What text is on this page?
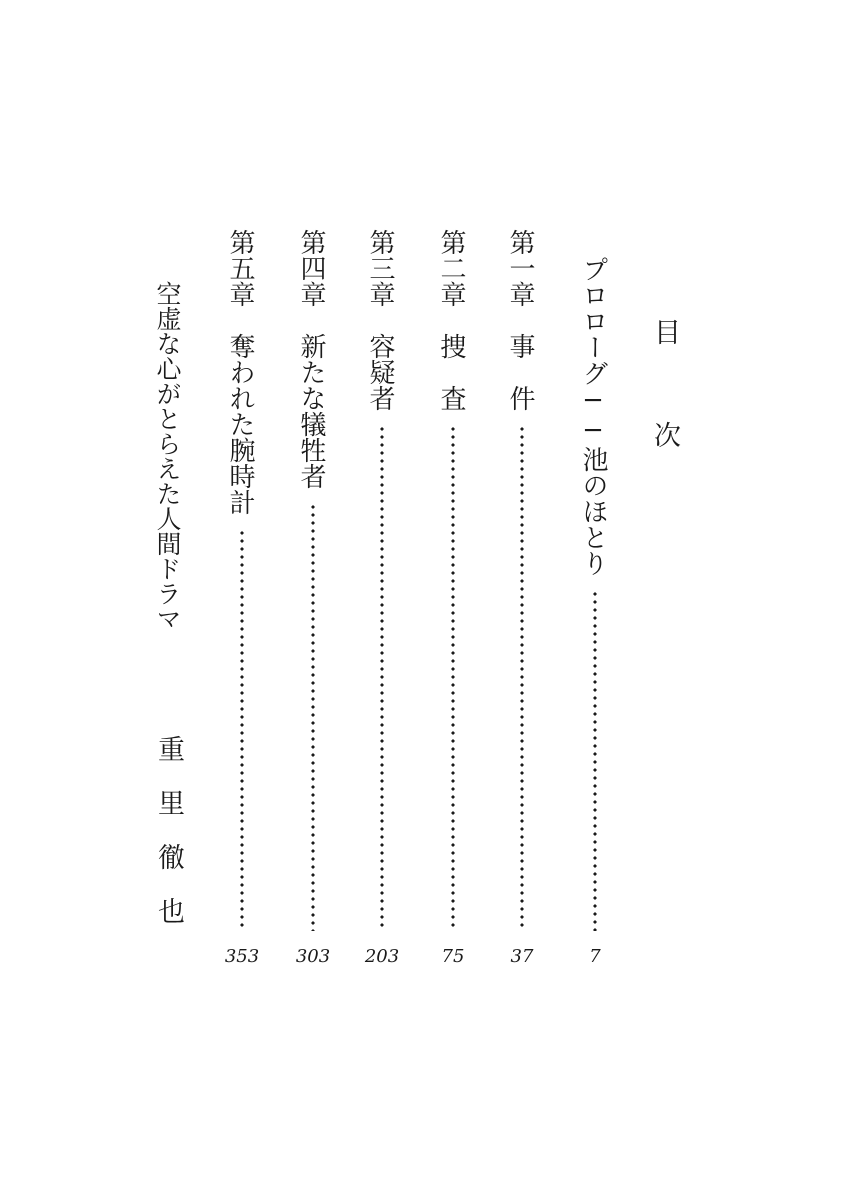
目次
プロローグ──池のほとり
7
第一章　事　件
37
第二章　捜　査
75
第三章　容疑者
203
第四章　新たな犠牲者
303
第五章　奪われた腕時計
353
空虚な心がとらえた人間ドラマ
重里徹也
